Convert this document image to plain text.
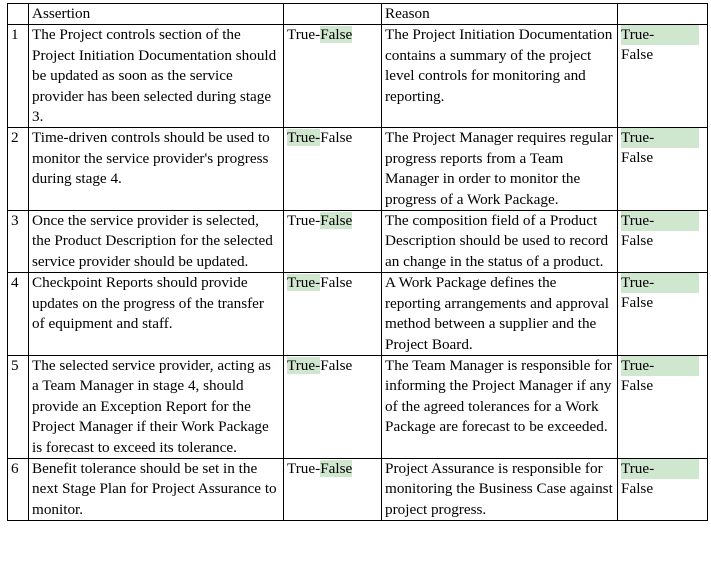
	Assertion		Reason	
1	The Project controls section of the Project Initiation Documentation should be updated as soon as the service provider has been selected during stage 3.	True-False	The Project Initiation Documentation contains a summary of the project level controls for monitoring and reporting.	True-
False

2	Time-driven controls should be used to monitor the service provider's progress during stage 4.	True-False	The Project Manager requires regular progress reports from a Team Manager in order to monitor the progress of a Work Package.	True-
False

3	Once the service provider is selected, the Product Description for the selected service provider should be updated.	True-False	The composition field of a Product Description should be used to record an change in the status of a product.	True-
False

4	Checkpoint Reports should provide updates on the progress of the transfer of equipment and staff.	True-False	A Work Package defines the reporting arrangements and approval method between a supplier and the Project Board.	True-
False

5	The selected service provider, acting as a Team Manager in stage 4, should provide an Exception Report for the Project Manager if their Work Package is forecast to exceed its tolerance.	True-False	The Team Manager is responsible for informing the Project Manager if any of the agreed tolerances for a Work Package are forecast to be exceeded.	True-
False

6	Benefit tolerance should be set in the next Stage Plan for Project Assurance to monitor.	True-False	Project Assurance is responsible for monitoring the Business Case against project progress.	True-
False
